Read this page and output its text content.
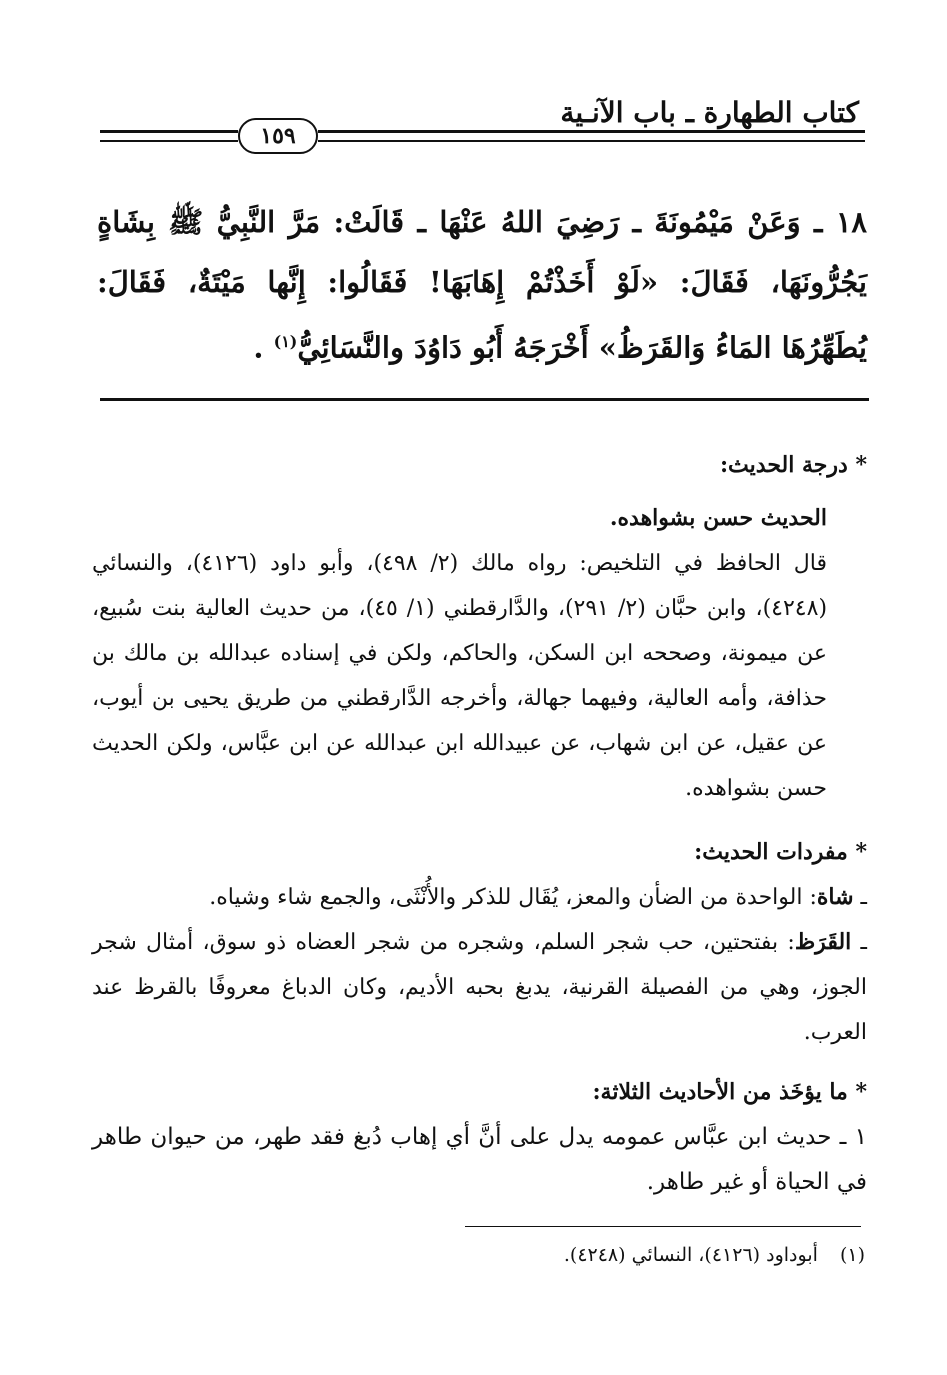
كتاب الطهارة ـ باب الآنـية
١٥٩
١٨ ـ وَعَنْ مَيْمُونَةَ ـ رَضِيَ اللهُ عَنْهَا ـ قَالَتْ: مَرَّ النَّبِيُّ ﷺ بِشَاةٍ يَجُرُّونَهَا، فَقَالَ: «لَوْ أَخَذْتُمْ إِهَابَهَا! فَقَالُوا: إِنَّها مَيْتَةٌ، فَقَالَ: يُطَهِّرُهَا المَاءُ وَالقَرَظُ» أَخْرَجَهُ أَبُو دَاوُدَ والنَّسَائِيُّ$^{(١)}$ .
* درجة الحديث:
الحديث حسن بشواهده.
قال الحافظ في التلخيص: رواه مالك (٢/ ٤٩٨)، وأبو داود (٤١٢٦)، والنسائي (٤٢٤٨)، وابن حبَّان (٢/ ٢٩١)، والدَّارقطني (١/ ٤٥)، من حديث العالية بنت سُبيع، عن ميمونة، وصححه ابن السكن، والحاكم، ولكن في إسناده عبدالله بن مالك بن حذافة، وأمه العالية، وفيهما جهالة، وأخرجه الدَّارقطني من طريق يحيى بن أيوب، عن عقيل، عن ابن شهاب، عن عبيدالله ابن عبدالله عن ابن عبَّاس، ولكن الحديث حسن بشواهده.
* مفردات الحديث:
ـ شاة: الواحدة من الضأن والمعز، يُقَال للذكر والأُنْثَى، والجمع شاء وشياه.
ـ القَرَظ: بفتحتين، حب شجر السلم، وشجره من شجر العضاه ذو سوق، أمثال شجر الجوز، وهي من الفصيلة القرنية، يدبغ بحبه الأديم، وكان الدباغ معروفًا بالقرظ عند العرب.
* ما يؤخَذ من الأحاديث الثلاثة:
١ ـ حديث ابن عبَّاس عمومه يدل على أنَّ أي إهاب دُبغ فقد طهر، من حيوان طاهر في الحياة أو غير طاهر.
(١) أبوداود (٤١٢٦)، النسائي (٤٢٤٨).
